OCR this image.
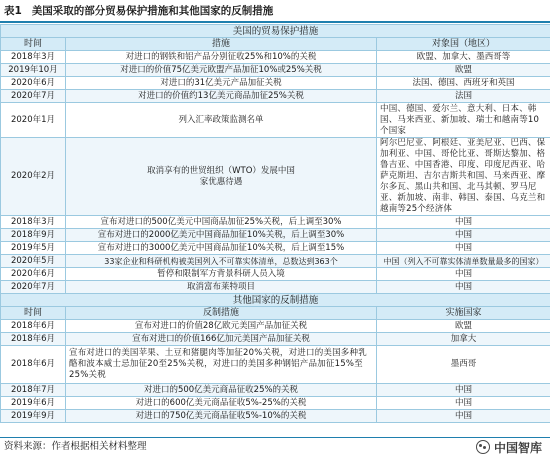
表1 美国采取的部分贸易保护措施和其他国家的反制措施
美国的贸易保护措施		
时间	措施	对象国（地区）
2018年3月	对进口的钢铁和铝产品分别征收25%和10%的关税	欧盟、加拿大、墨西哥等
2019年10月	对进口的价值75亿美元欧盟产品加征10%或25%关税	欧盟
2020年6月	对进口的31亿美元产品加征关税	法国、德国、西班牙和英国
2020年7月	对进口的价值约13亿美元商品加征25%关税	法国
2020年1月	列入汇率政策监测名单	中国、德国、爱尔兰、意大利、日本、韩国、马来西亚、新加坡、瑞士和越南等10个国家
2020年2月	取消享有的世贸组织（WTO）发展中国家优惠待遇	阿尔巴尼亚、阿根廷、亚美尼亚、巴西、保加利亚、中国、哥伦比亚、哥斯达黎加、格鲁吉亚、中国香港、印度、印度尼西亚、哈萨克斯坦、吉尔吉斯共和国、马来西亚、摩尔多瓦、黑山共和国、北马其顿、罗马尼亚、新加坡、南非、韩国、泰国、乌克兰和越南等25个经济体
2018年3月	宣布对进口的500亿美元中国商品加征25%关税，后上调至30%	中国
2018年9月	宣布对进口的2000亿美元中国商品加征10%关税，后上调至30%	中国
2019年5月	宣布对进口的3000亿美元中国商品加征10%关税，后上调至15%	中国
2020年5月	33家企业和科研机构被美国列入不可靠实体清单，总数达到363个	中国（列入不可靠实体清单数量最多的国家）
2020年6月	暂停和限制军方背景科研人员入境	中国
2020年7月	取消富布莱特项目	中国
其他国家的反制措施		
时间	反制措施	实施国家
2018年6月	宣布对进口的价值28亿欧元美国产品加征关税	欧盟
2018年6月	宣布对进口的价值166亿加元美国产品加征关税	加拿大
2018年6月	宣布对进口的美国苹果、土豆和猪腿肉等加征20%关税，对进口的美国多种乳酪和波本威士忌加征20至25%关税，对进口的美国多种钢铝产品加征15%至25%关税	墨西哥
2018年7月	对进口的500亿美元商品征收25%的关税	中国
2019年6月	对进口的600亿美元商品征收5%-25%的关税	中国
2019年9月	对进口的750亿美元商品征收5%-10%的关税	中国
资料来源：作者根据相关材料整理	中国智库
